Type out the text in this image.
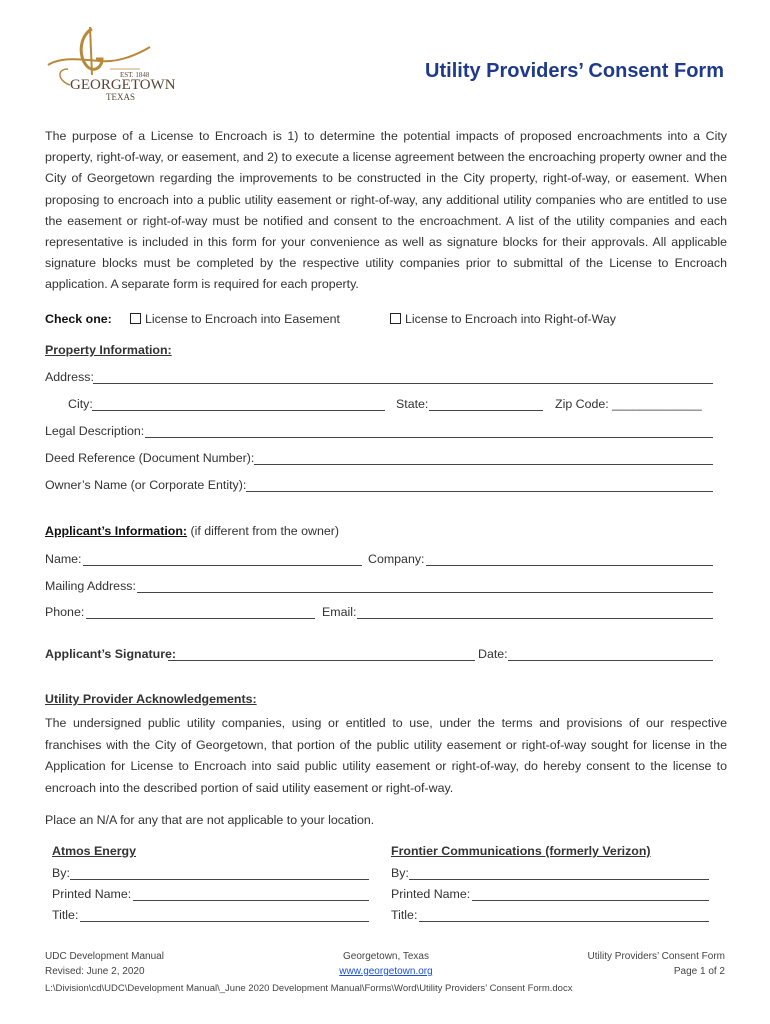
EST. 1848
GEORGETOWN
TEXAS
Utility Providers’ Consent Form
The purpose of a License to Encroach is 1) to determine the potential impacts of proposed encroachments into a City property, right-of-way, or easement, and 2) to execute a license agreement between the encroaching property owner and the City of Georgetown regarding the improvements to be constructed in the City property, right-of-way, or easement. When proposing to encroach into a public utility easement or right-of-way, any additional utility companies who are entitled to use the easement or right-of-way must be notified and consent to the encroachment. A list of the utility companies and each representative is included in this form for your convenience as well as signature blocks for their approvals. All applicable signature blocks must be completed by the respective utility companies prior to submittal of the License to Encroach application. A separate form is required for each property.
Check one:	License to Encroach into Easement	License to Encroach into Right-of-Way
Property Information:
Address:
City:	State:	Zip Code: _____________
Legal Description:
Deed Reference (Document Number):
Owner’s Name (or Corporate Entity):
Applicant’s Information: (if different from the owner)
Name:	Company:
Mailing Address:
Phone:	Email:
Applicant’s Signature:	Date:
Utility Provider Acknowledgements:
The undersigned public utility companies, using or entitled to use, under the terms and provisions of our respective franchises with the City of Georgetown, that portion of the public utility easement or right-of-way sought for license in the Application for License to Encroach into said public utility easement or right-of-way, do hereby consent to the license to encroach into the described portion of said utility easement or right-of-way.
Place an N/A for any that are not applicable to your location.
Atmos Energy	Frontier Communications (formerly Verizon)
By:	By:
Printed Name:	Printed Name:
Title:	Title:
UDC Development Manual
Revised: June 2, 2020
Georgetown, Texas
www.georgetown.org
Utility Providers’ Consent Form
Page 1 of 2
L:\Division\cd\UDC\Development Manual\_June 2020 Development Manual\Forms\Word\Utility Providers’ Consent Form.docx
